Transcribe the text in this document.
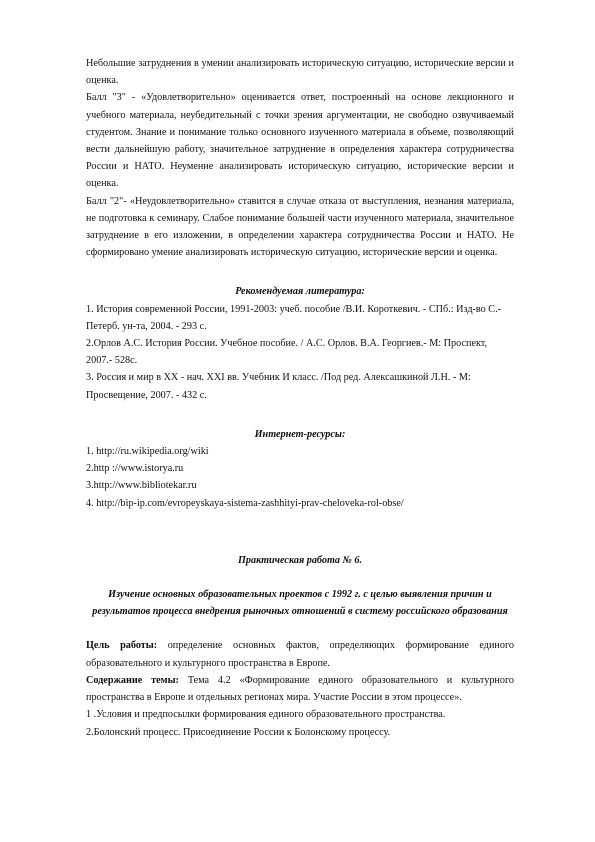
Небольшие затруднения в умении анализировать историческую ситуацию, исторические версии и оценка.

Балл "3" - «Удовлетворительно» оценивается ответ, построенный на основе лекционного и учебного материала, неубедительный с точки зрения аргументации, не свободно озвучиваемый студентом. Знание и понимание только основного изученного материала в объеме, позволяющий вести дальнейшую работу, значительное затруднение в определения характера сотрудничества России и НАТО. Неумение анализировать историческую ситуацию, исторические версии и оценка.

Балл "2"- «Неудовлетворительно» ставится в случае отказа от выступления, незнания материала, не подготовка к семинару. Слабое понимание большей части изученного материала, значительное затруднение в его изложении, в определении характера сотрудничества России и НАТО. Не сформировано умение анализировать историческую ситуацию, исторические версии и оценка.

Рекомендуемая литература:

1. История современной России, 1991-2003: учеб. пособие /В.И. Короткевич. - СПб.: Изд-во С.-Петерб. ун-та, 2004. - 293 с.

2.Орлов А.С. История России. Учебное пособие. / А.С. Орлов. В.А. Георгиев.- М: Проспект, 2007.- 528с.

3. Россия и мир в XX - нач. XXI вв. Учебник И класс. /Под ред. Алексашкиной Л.Н. - М: Просвещение, 2007. - 432 с.

Интернет-ресурсы:

1. http://ru.wikipedia.org/wiki

2.http ://www.istorya.ru

3.http://www.bibliotekar.ru

4. http://bip-ip.com/evropeyskaya-sistema-zashhityi-prav-cheloveka-rol-obse/

Практическая работа № 6.

Изучение основных образовательных проектов с 1992 г. с целью выявления причин и результатов процесса внедрения рыночных отношений в систему российского образования

Цель работы: определение основных фактов, определяющих формирование единого образовательного и культурного пространства в Европе.

Содержание темы: Тема 4.2 «Формирование единого образовательного и культурного пространства в Европе и отдельных регионах мира. Участие России в этом процессе».

1 .Условия и предпосылки формирования единого образовательного пространства.

2.Болонский процесс. Присоединение России к Болонскому процессу.
